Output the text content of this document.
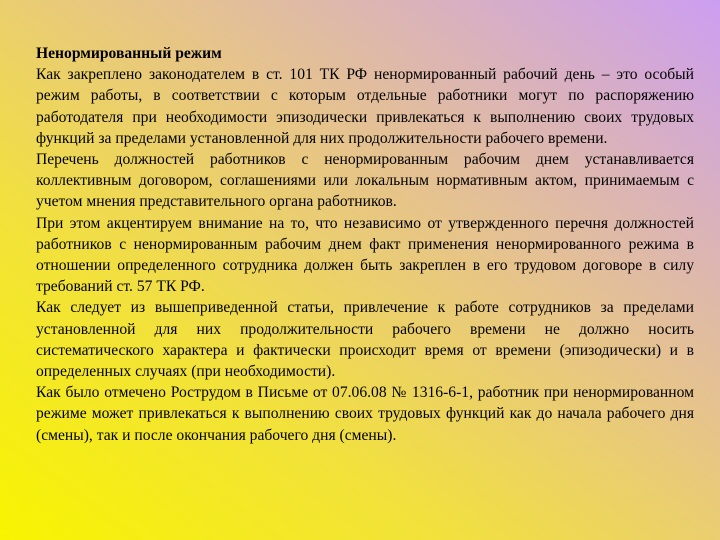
Ненормированный режим

Как закреплено законодателем в ст. 101 ТК РФ ненормированный рабочий день – это особый режим работы, в соответствии с которым отдельные работники могут по распоряжению работодателя при необходимости эпизодически привлекаться к выполнению своих трудовых функций за пределами установленной для них продолжительности рабочего времени.

Перечень должностей работников с ненормированным рабочим днем устанавливается коллективным договором, соглашениями или локальным нормативным актом, принимаемым с учетом мнения представительного органа работников.

При этом акцентируем внимание на то, что независимо от утвержденного перечня должностей работников с ненормированным рабочим днем факт применения ненормированного режима в отношении определенного сотрудника должен быть закреплен в его трудовом договоре в силу требований ст. 57 ТК РФ.

Как следует из вышеприведенной статьи, привлечение к работе сотрудников за пределами установленной для них продолжительности рабочего времени не должно носить систематического характера и фактически происходит время от времени (эпизодически) и в определенных случаях (при необходимости).

Как было отмечено Рострудом в Письме от 07.06.08 № 1316-6-1, работник при ненормированном режиме может привлекаться к выполнению своих трудовых функций как до начала рабочего дня (смены), так и после окончания рабочего дня (смены).
